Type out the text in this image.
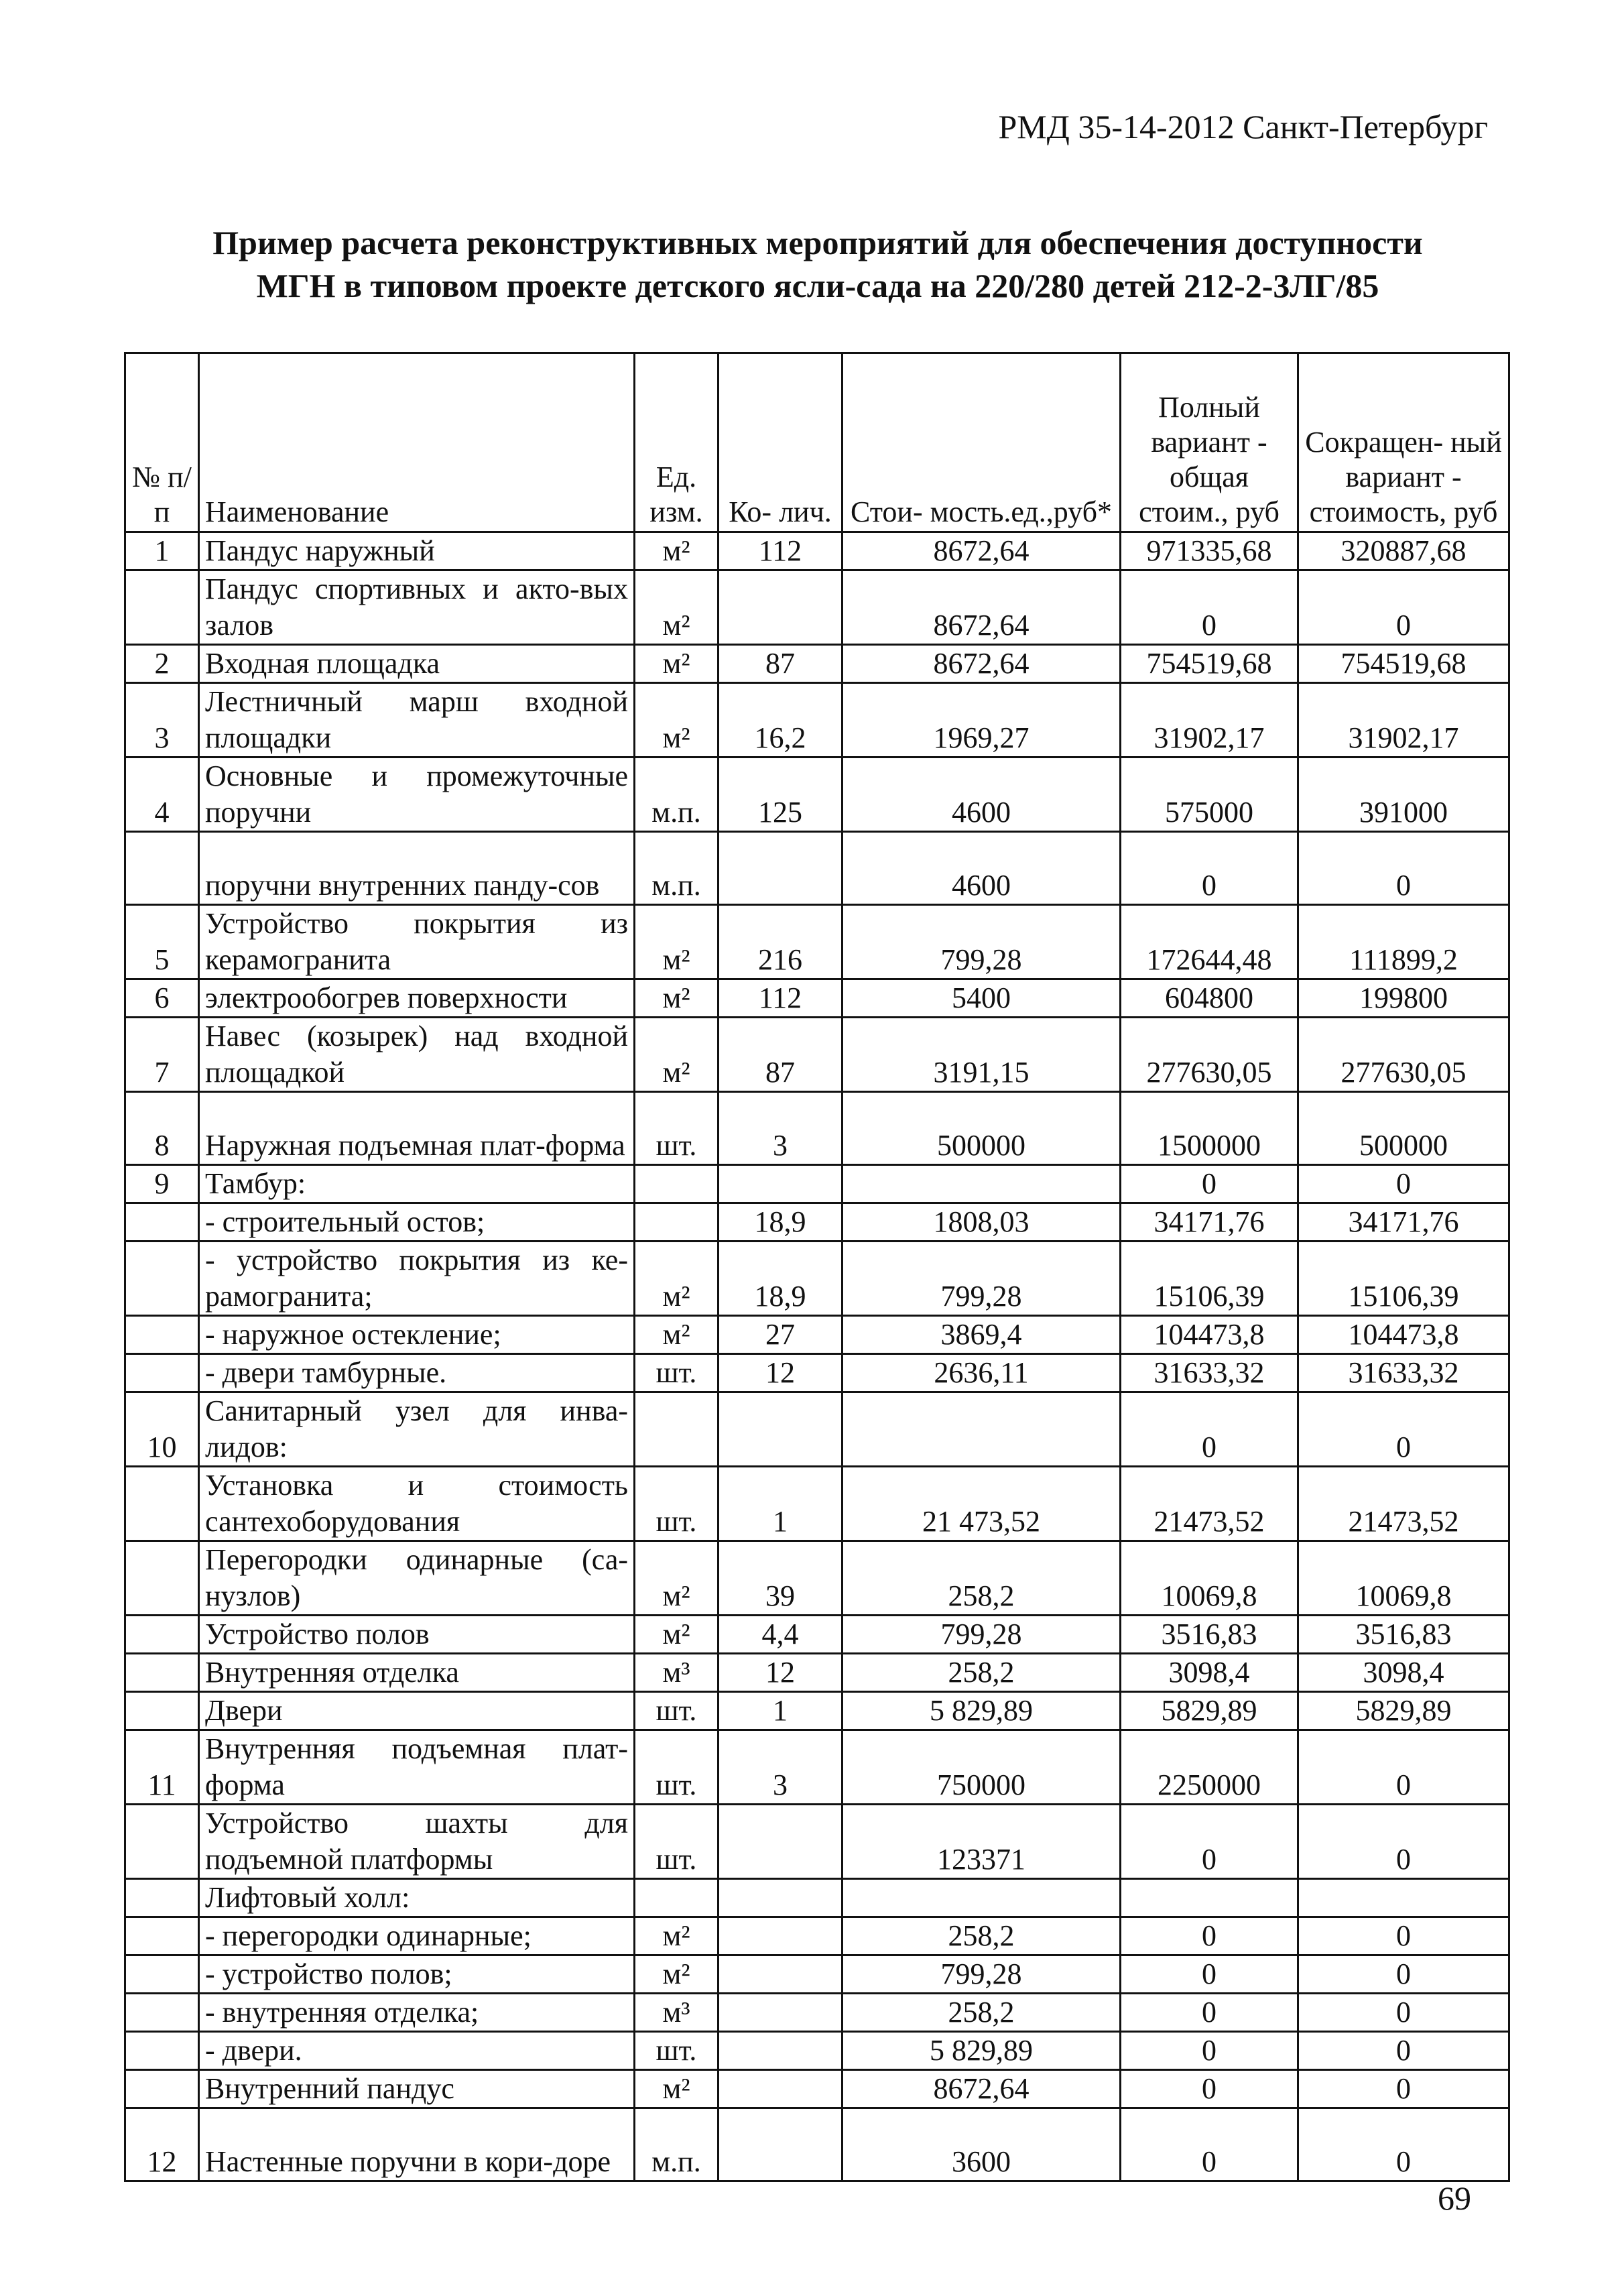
РМД 35-14-2012 Санкт-Петербург
Пример расчета реконструктивных мероприятий для обеспечения доступности
МГН в типовом проекте детского ясли-сада на 220/280 детей 212-2-3ЛГ/85
№ п/п	Наименование	Ед. изм.	Ко- лич.	Стои- мость.ед.,руб*	Полный вариант - общая стоим., руб	Сокращен- ный вариант - стоимость, руб
1	Пандус наружный	м²	112	8672,64	971335,68	320887,68
	Пандус спортивных и акто-вых залов	м²		8672,64	0	0
2	Входная площадка	м²	87	8672,64	754519,68	754519,68
3	Лестничный марш входной площадки	м²	16,2	1969,27	31902,17	31902,17
4	Основные и промежуточные поручни	м.п.	125	4600	575000	391000
	поручни внутренних панду-сов	м.п.		4600	0	0
5	Устройство покрытия из керамогранита	м²	216	799,28	172644,48	111899,2
6	электрообогрев поверхности	м²	112	5400	604800	199800
7	Навес (козырек) над входной площадкой	м²	87	3191,15	277630,05	277630,05
8	Наружная подъемная плат-форма	шт.	3	500000	1500000	500000
9	Тамбур:				0	0
	- строительный остов;		18,9	1808,03	34171,76	34171,76
	- устройство покрытия из ке-рамогранита;	м²	18,9	799,28	15106,39	15106,39
	- наружное остекление;	м²	27	3869,4	104473,8	104473,8
	- двери тамбурные.	шт.	12	2636,11	31633,32	31633,32
10	Санитарный узел для инва-лидов:				0	0
	Установка и стоимость сантехоборудования	шт.	1	21 473,52	21473,52	21473,52
	Перегородки одинарные (са-нузлов)	м²	39	258,2	10069,8	10069,8
	Устройство полов	м²	4,4	799,28	3516,83	3516,83
	Внутренняя отделка	м³	12	258,2	3098,4	3098,4
	Двери	шт.	1	5 829,89	5829,89	5829,89
11	Внутренняя подъемная плат-форма	шт.	3	750000	2250000	0
	Устройство шахты для подъемной платформы	шт.		123371	0	0
	Лифтовый холл:					
	- перегородки одинарные;	м²		258,2	0	0
	- устройство полов;	м²		799,28	0	0
	- внутренняя отделка;	м³		258,2	0	0
	- двери.	шт.		5 829,89	0	0
	Внутренний пандус	м²		8672,64	0	0
12	Настенные поручни в кори-доре	м.п.		3600	0	0
69
